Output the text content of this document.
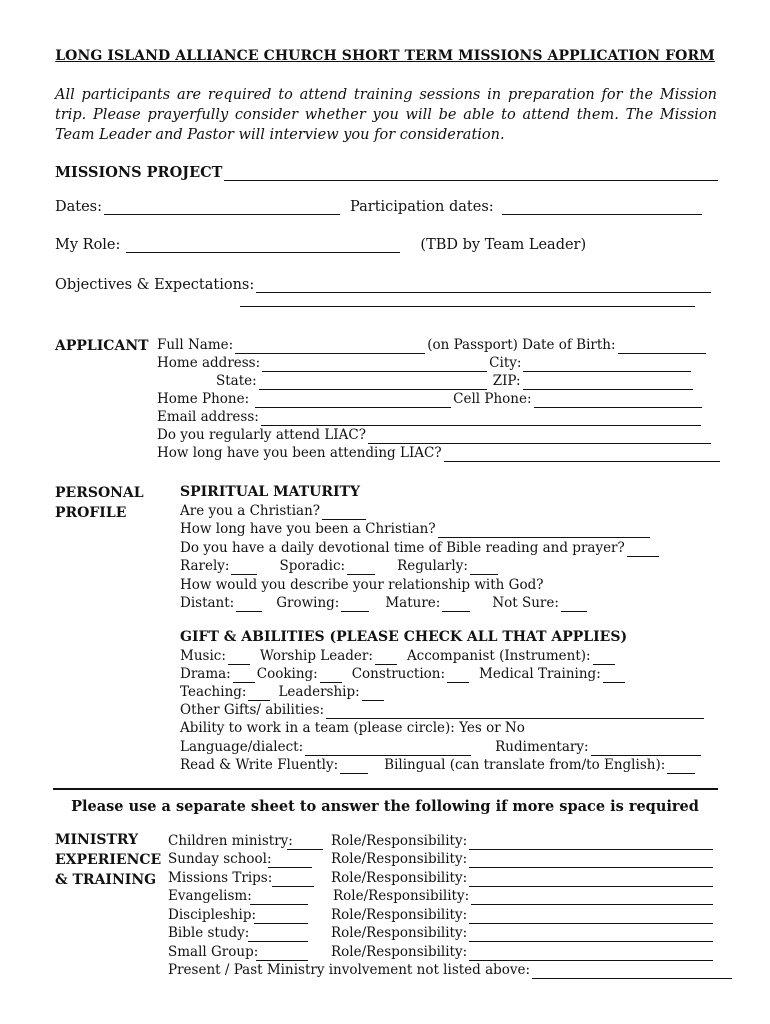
LONG ISLAND ALLIANCE CHURCH SHORT TERM MISSIONS APPLICATION FORM
All participants are required to attend training sessions in preparation for the Mission trip. Please prayerfully consider whether you will be able to attend them. The Mission Team Leader and Pastor will interview you for consideration.
MISSIONS PROJECT
Dates:	Participation dates:
My Role:	(TBD by Team Leader)
Objectives & Expectations:
APPLICANT Full Name:	(on Passport) Date of Birth:
Home address:	City:
State:	ZIP:
Home Phone:	Cell Phone:
Email address:
Do you regularly attend LIAC?
How long have you been attending LIAC?
PERSONAL
PROFILE
SPIRITUAL MATURITY
Are you a Christian?
How long have you been a Christian?
Do you have a daily devotional time of Bible reading and prayer?
Rarely:	Sporadic:	Regularly:
How would you describe your relationship with God?
Distant:	Growing:	Mature:	Not Sure:
GIFT & ABILITIES (PLEASE CHECK ALL THAT APPLIES)
Music:	Worship Leader:	Accompanist (Instrument):
Drama: Cooking:	Construction:	Medical Training:
Teaching: Leadership:
Other Gifts/ abilities:
Ability to work in a team (please circle): Yes or No
Language/dialect:	Rudimentary:
Read & Write Fluently:	Bilingual (can translate from/to English):
Please use a separate sheet to answer the following if more space is required
MINISTRY
EXPERIENCE
& TRAINING
Children ministry:	Role/Responsibility:
Sunday school:	Role/Responsibility:
Missions Trips:	Role/Responsibility:
Evangelism:	Role/Responsibility:
Discipleship:	Role/Responsibility:
Bible study:	Role/Responsibility:
Small Group:	Role/Responsibility:
Present / Past Ministry involvement not listed above:
